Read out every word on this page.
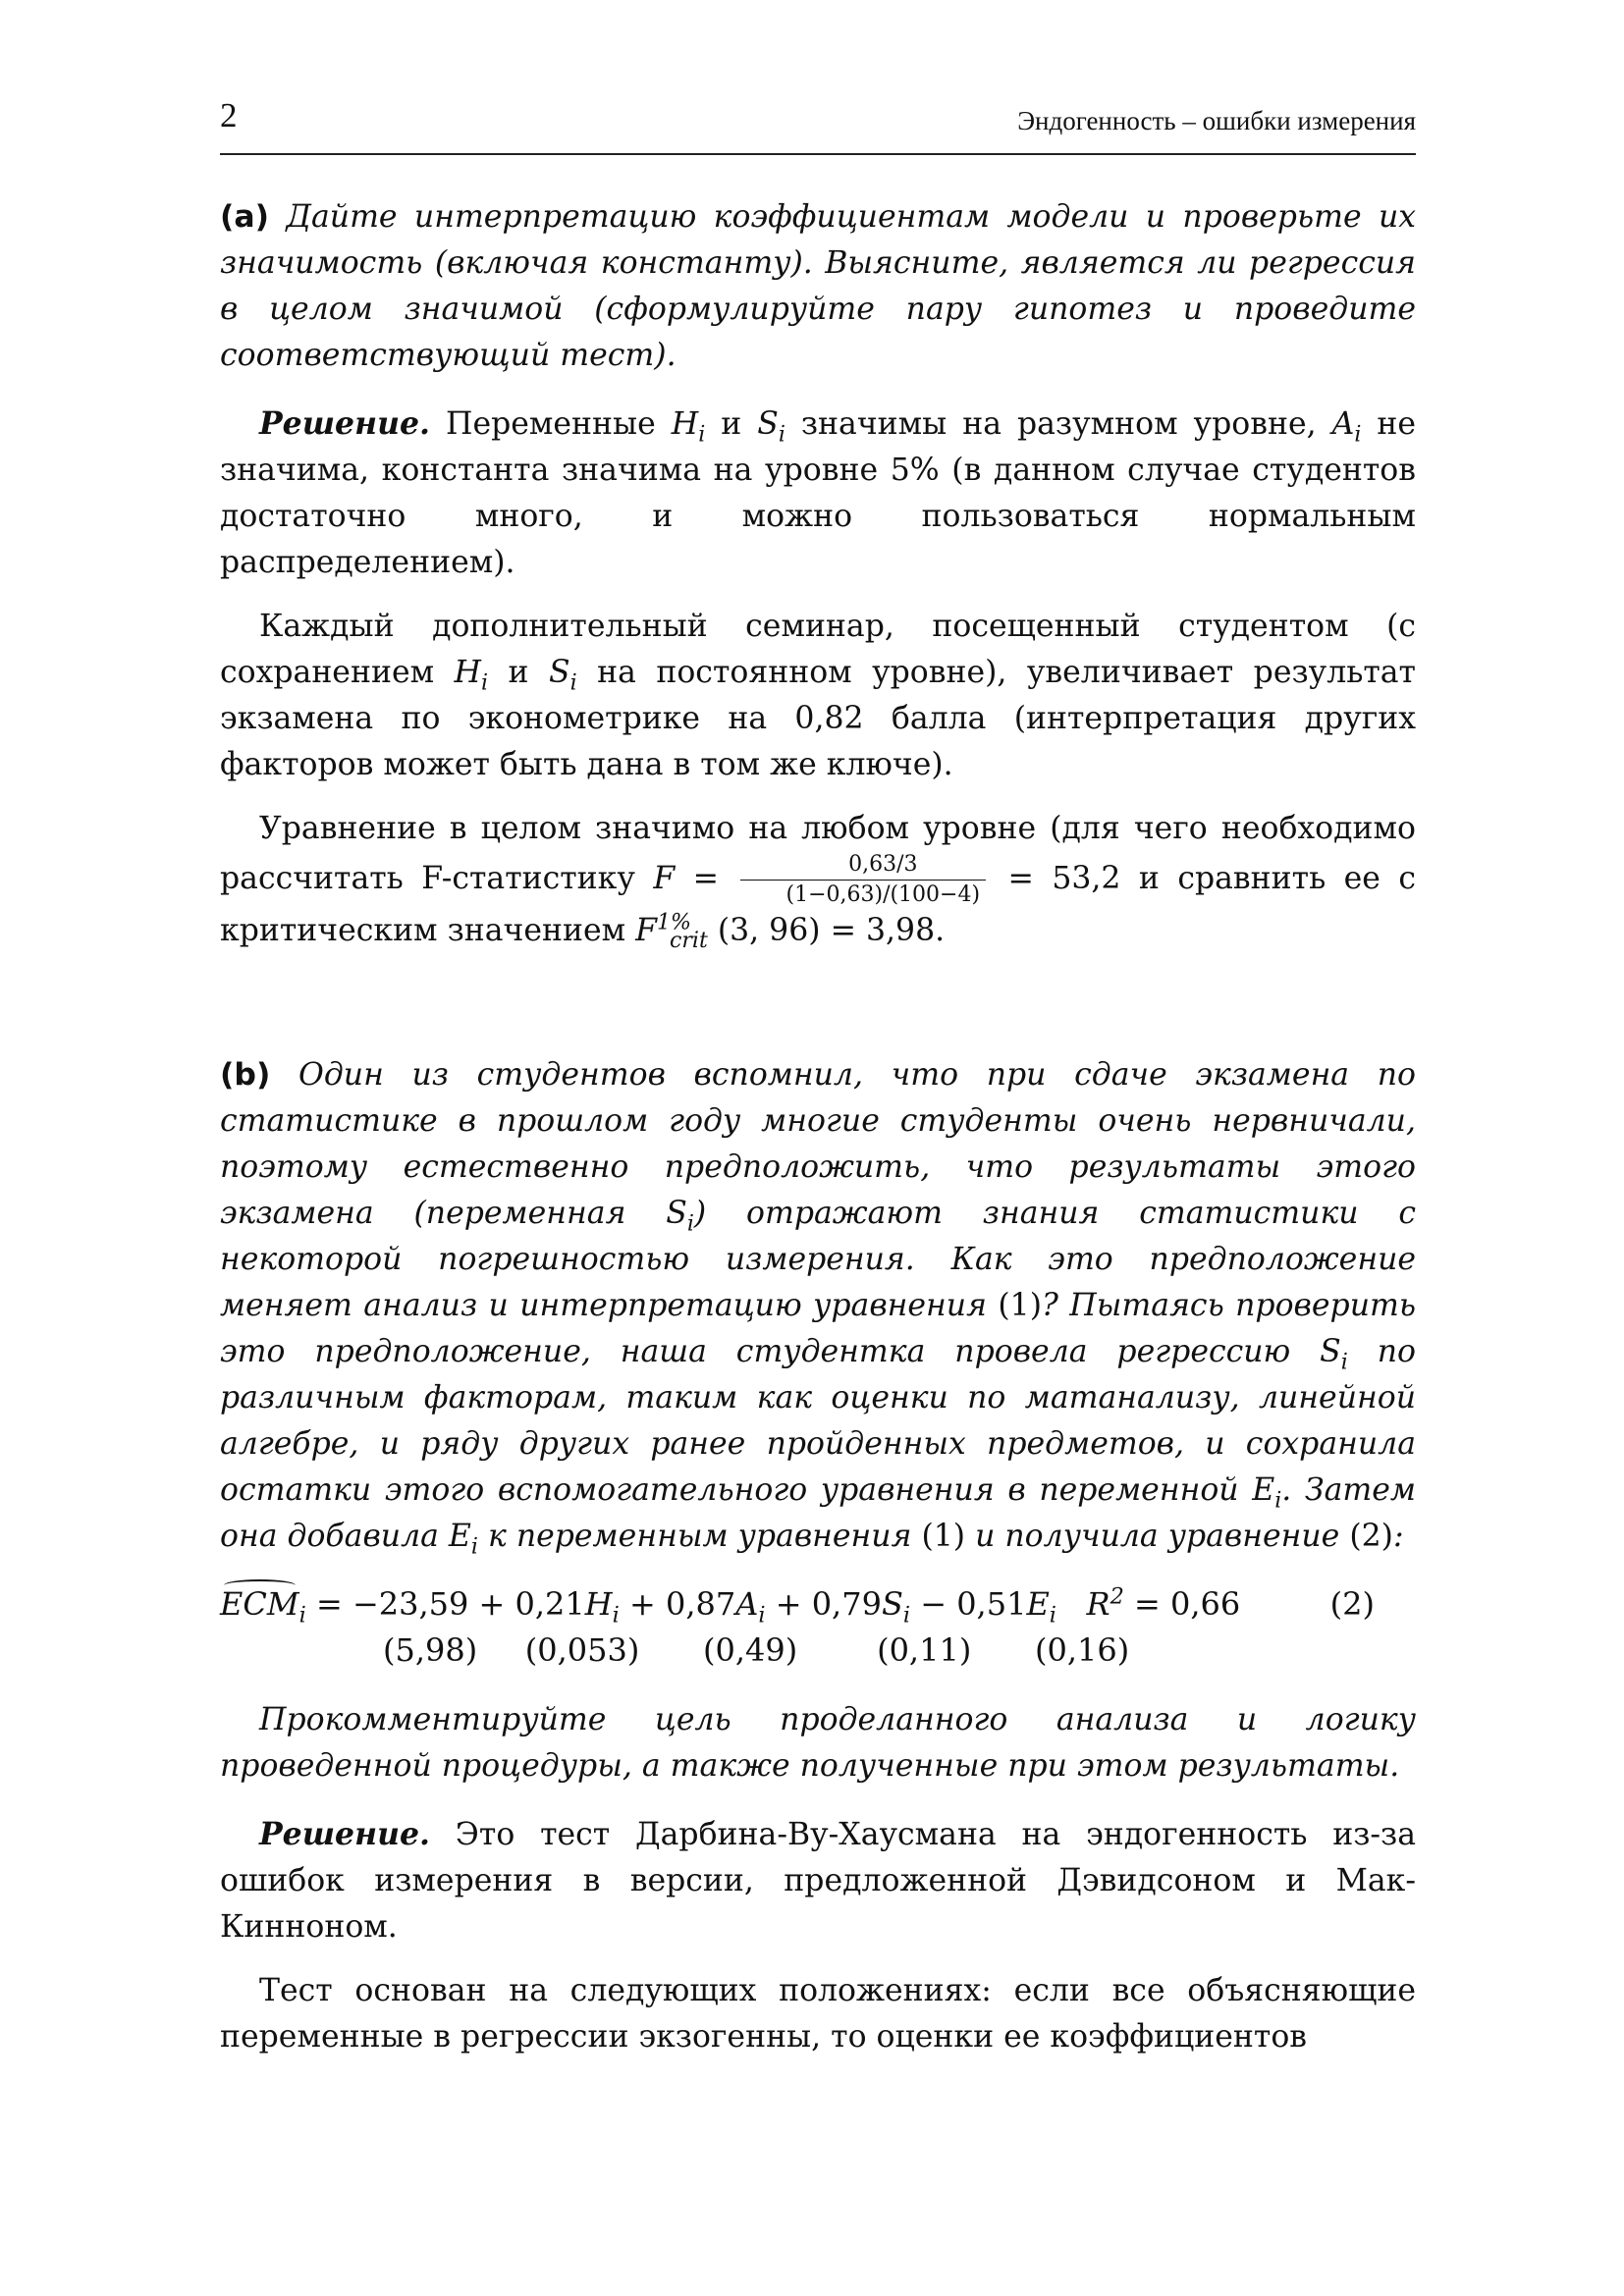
2	Эндогенность – ошибки измерения

(a) Дайте интерпретацию коэффициентам модели и проверьте их значимость (включая константу). Выясните, является ли регрессия в целом значимой (сформулируйте пару гипотез и проведите соответствующий тест).

Решение. Переменные $H_i$ и $S_i$ значимы на разумном уровне, $A_i$ не значима, константа значима на уровне 5% (в данном случае студентов достаточно много, и можно пользоваться нормальным распределением).

Каждый дополнительный семинар, посещенный студентом (с сохранением $H_i$ и $S_i$ на постоянном уровне), увеличивает результат экзамена по эконометрике на 0,82 балла (интерпретация других факторов может быть дана в том же ключе).

Уравнение в целом значимо на любом уровне (для чего необходимо рассчитать F-статистику $F = \frac{0,63/3}{(1-0,63)/(100-4)} = 53,2$ и сравнить ее с критическим значением $F^{1\%}_{crit}$ (3, 96) = 3,98.

(b) Один из студентов вспомнил, что при сдаче экзамена по статистике в прошлом году многие студенты очень нервничали, поэтому естественно предположить, что результаты этого экзамена (переменная $S_i$) отражают знания статистики с некоторой погрешностью измерения. Как это предположение меняет анализ и интерпретацию уравнения (1)? Пытаясь проверить это предположение, наша студентка провела регрессию $S_i$ по различным факторам, таким как оценки по матанализу, линейной алгебре, и ряду других ранее пройденных предметов, и сохранила остатки этого вспомогательного уравнения в переменной $E_i$. Затем она добавила $E_i$ к переменным уравнения (1) и получила уравнение (2):

$ECM_i = -23,59 + 0,21H_i + 0,87A_i + 0,79S_i - 0,51E_i$ $R^2 = 0,66$	(2)
(5,98)   (0,053)    (0,49)     (0,11)    (0,16)

Прокомментируйте цель проделанного анализа и логику проведенной процедуры, а также полученные при этом результаты.

Решение. Это тест Дарбина-Ву-Хаусмана на эндогенность из-за ошибок измерения в версии, предложенной Дэвидсоном и Мак-Кинноном.

Тест основан на следующих положениях: если все объясняющие переменные в регрессии экзогенны, то оценки ее коэффициентов
